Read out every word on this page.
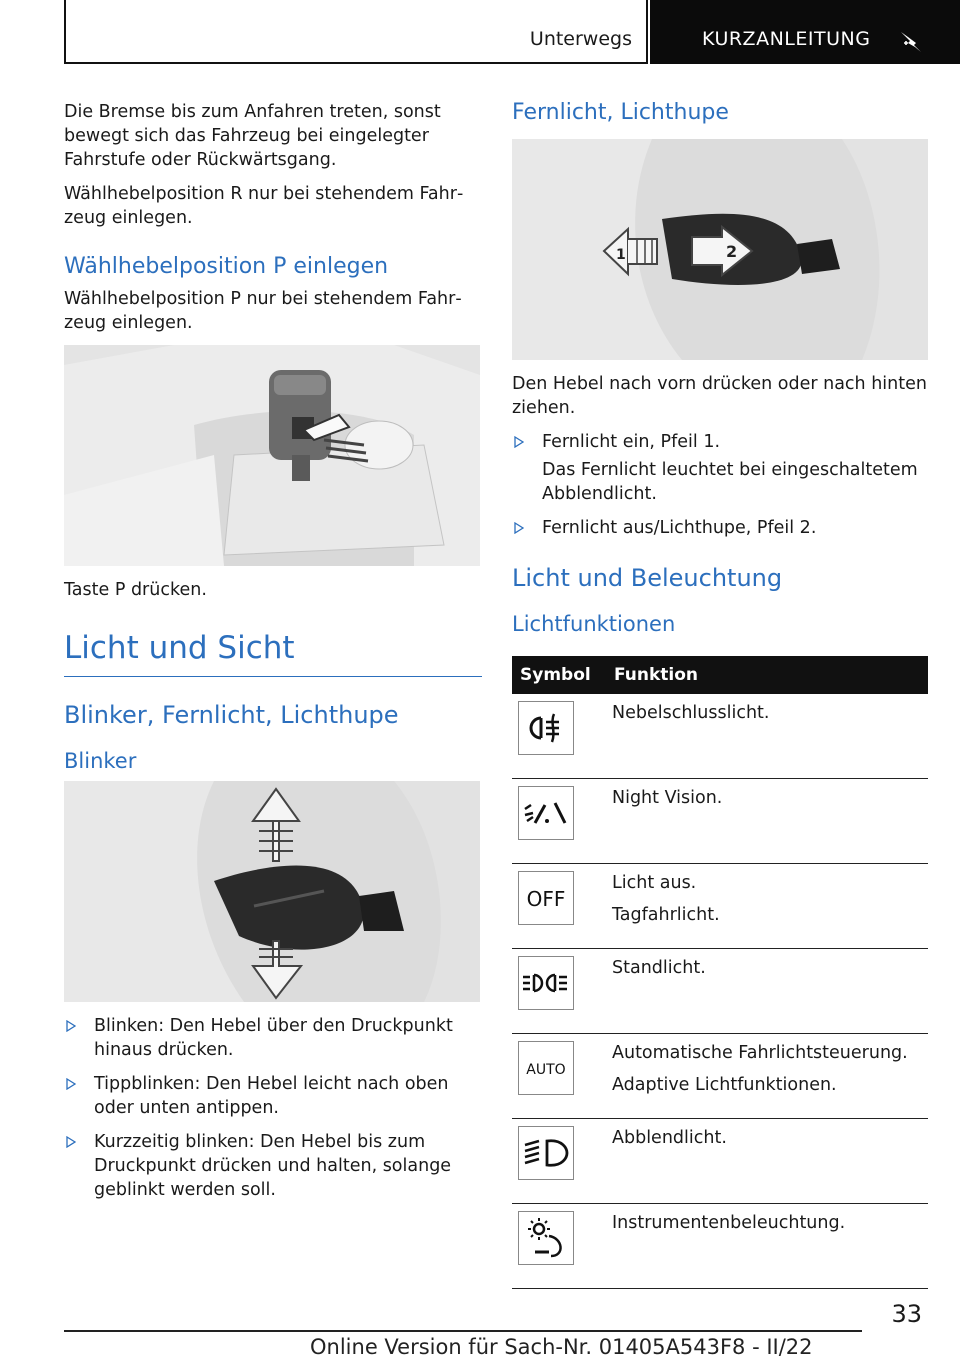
Unterwegs	KURZANLEITUNG

Die Bremse bis zum Anfahren treten, sonst bewegt sich das Fahrzeug bei eingelegter Fahrstufe oder Rückwärtsgang.

Wählhebelposition R nur bei stehendem Fahrzeug einlegen.

Wählhebelposition P einlegen

Wählhebelposition P nur bei stehendem Fahrzeug einlegen.

Taste P drücken.

Licht und Sicht
Blinker, Fernlicht, Lichthupe
Blinker
Blinken: Den Hebel über den Druckpunkt hinaus drücken.
Tippblinken: Den Hebel leicht nach oben oder unten antippen.
Kurzzeitig blinken: Den Hebel bis zum Druckpunkt drücken und halten, solange geblinkt werden soll.
Fernlicht, Lichthupe
1	2

Den Hebel nach vorn drücken oder nach hinten ziehen.

Fernlicht ein, Pfeil 1.

Das Fernlicht leuchtet bei eingeschaltetem Abblendlicht.

Fernlicht aus/Lichthupe, Pfeil 2.
Licht und Beleuchtung
Lichtfunktionen
Symbol	Funktion

Nebelschlusslicht.

Night Vision.

OFF	Licht aus.

Tagfahrlicht.

Standlicht.

AUTO	Automatische Fahrlichtsteuerung.

Adaptive Lichtfunktionen.

Abblendlicht.

Instrumentenbeleuchtung.

33
Online Version für Sach-Nr. 01405A543F8 - II/22
